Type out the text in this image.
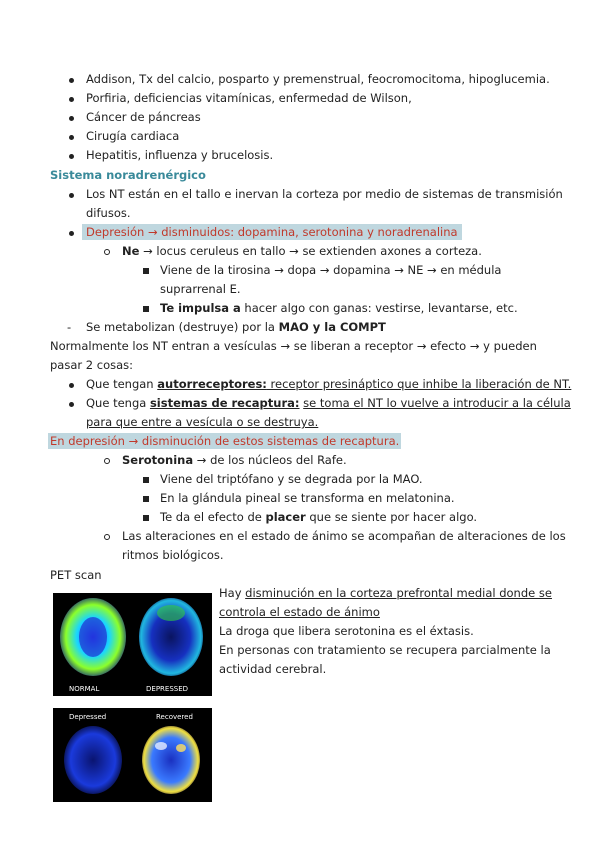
Addison, Tx del calcio, posparto y premenstrual, feocromocitoma, hipoglucemia.
Porfiria, deficiencias vitamínicas, enfermedad de Wilson,
Cáncer de páncreas
Cirugía cardiaca
Hepatitis, influenza y brucelosis.
Sistema noradrenérgico
Los NT están en el tallo e inervan la corteza por medio de sistemas de transmisión
difusos.
Depresión → disminuidos: dopamina, serotonina y noradrenalina
Ne → locus ceruleus en tallo → se extienden axones a corteza.
Viene de la tirosina → dopa → dopamina → NE → en médula
suprarrenal E.
Te impulsa a hacer algo con ganas: vestirse, levantarse, etc.
- Se metabolizan (destruye) por la MAO y la COMPT
Normalmente los NT entran a vesículas → se liberan a receptor → efecto → y pueden
pasar 2 cosas:
Que tengan autorreceptores: receptor presináptico que inhibe la liberación de NT.
Que tenga sistemas de recaptura: se toma el NT lo vuelve a introducir a la célula
para que entre a vesícula o se destruya.
En depresión → disminución de estos sistemas de recaptura.
Serotonina → de los núcleos del Rafe.
Viene del triptófano y se degrada por la MAO.
En la glándula pineal se transforma en melatonina.
Te da el efecto de placer que se siente por hacer algo.
Las alteraciones en el estado de ánimo se acompañan de alteraciones de los
ritmos biológicos.
PET scan
NORMAL	DEPRESSED
Depressed	Recovered
Hay disminución en la corteza prefrontal medial donde se
controla el estado de ánimo
La droga que libera serotonina es el éxtasis.
En personas con tratamiento se recupera parcialmente la
actividad cerebral.
